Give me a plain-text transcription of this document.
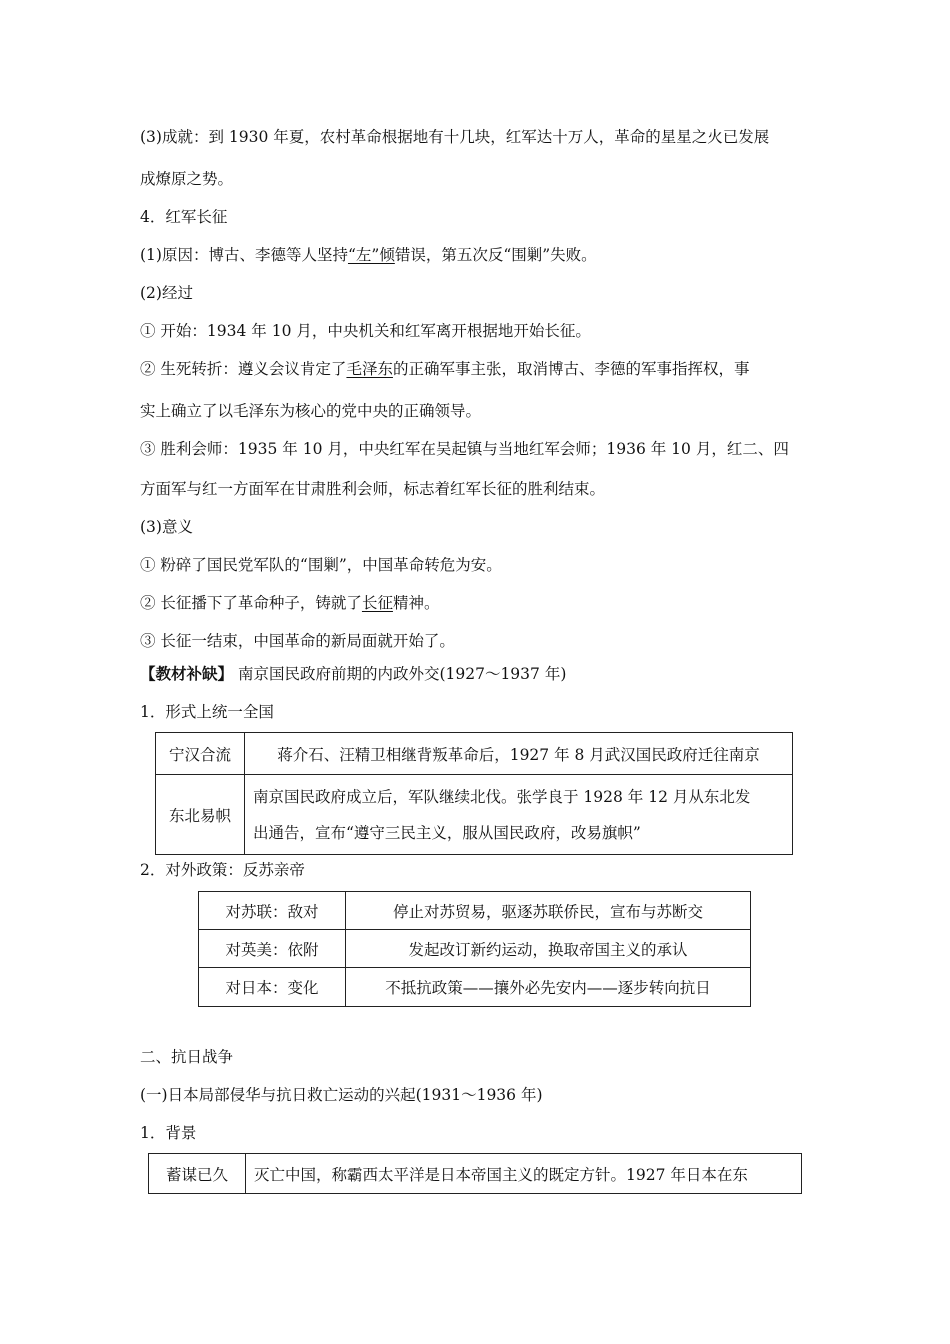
(3)成就：到 1930 年夏，农村革命根据地有十几块，红军达十万人，革命的星星之火已发展
成燎原之势。
4．红军长征
(1)原因：博古、李德等人坚持“左”倾错误，第五次反“围剿”失败。
(2)经过
① 开始：1934 年 10 月，中央机关和红军离开根据地开始长征。
② 生死转折：遵义会议肯定了毛泽东的正确军事主张，取消博古、李德的军事指挥权，事
实上确立了以毛泽东为核心的党中央的正确领导。
③ 胜利会师：1935 年 10 月，中央红军在吴起镇与当地红军会师；1936 年 10 月，红二、四
方面军与红一方面军在甘肃胜利会师，标志着红军长征的胜利结束。
(3)意义
① 粉碎了国民党军队的“围剿”，中国革命转危为安。
② 长征播下了革命种子，铸就了长征精神。
③ 长征一结束，中国革命的新局面就开始了。
【教材补缺】 南京国民政府前期的内政外交(1927～1937 年)
1．形式上统一全国
宁汉合流	蒋介石、汪精卫相继背叛革命后，1927 年 8 月武汉国民政府迁往南京
东北易帜	南京国民政府成立后，军队继续北伐。张学良于 1928 年 12 月从东北发
出通告，宣布“遵守三民主义，服从国民政府，改易旗帜”
2．对外政策：反苏亲帝
对苏联：敌对	停止对苏贸易，驱逐苏联侨民，宣布与苏断交
对英美：依附	发起改订新约运动，换取帝国主义的承认
对日本：变化	不抵抗政策——攘外必先安内——逐步转向抗日
二、抗日战争
(一)日本局部侵华与抗日救亡运动的兴起(1931～1936 年)
1．背景
蓄谋已久	灭亡中国，称霸西太平洋是日本帝国主义的既定方针。1927 年日本在东
